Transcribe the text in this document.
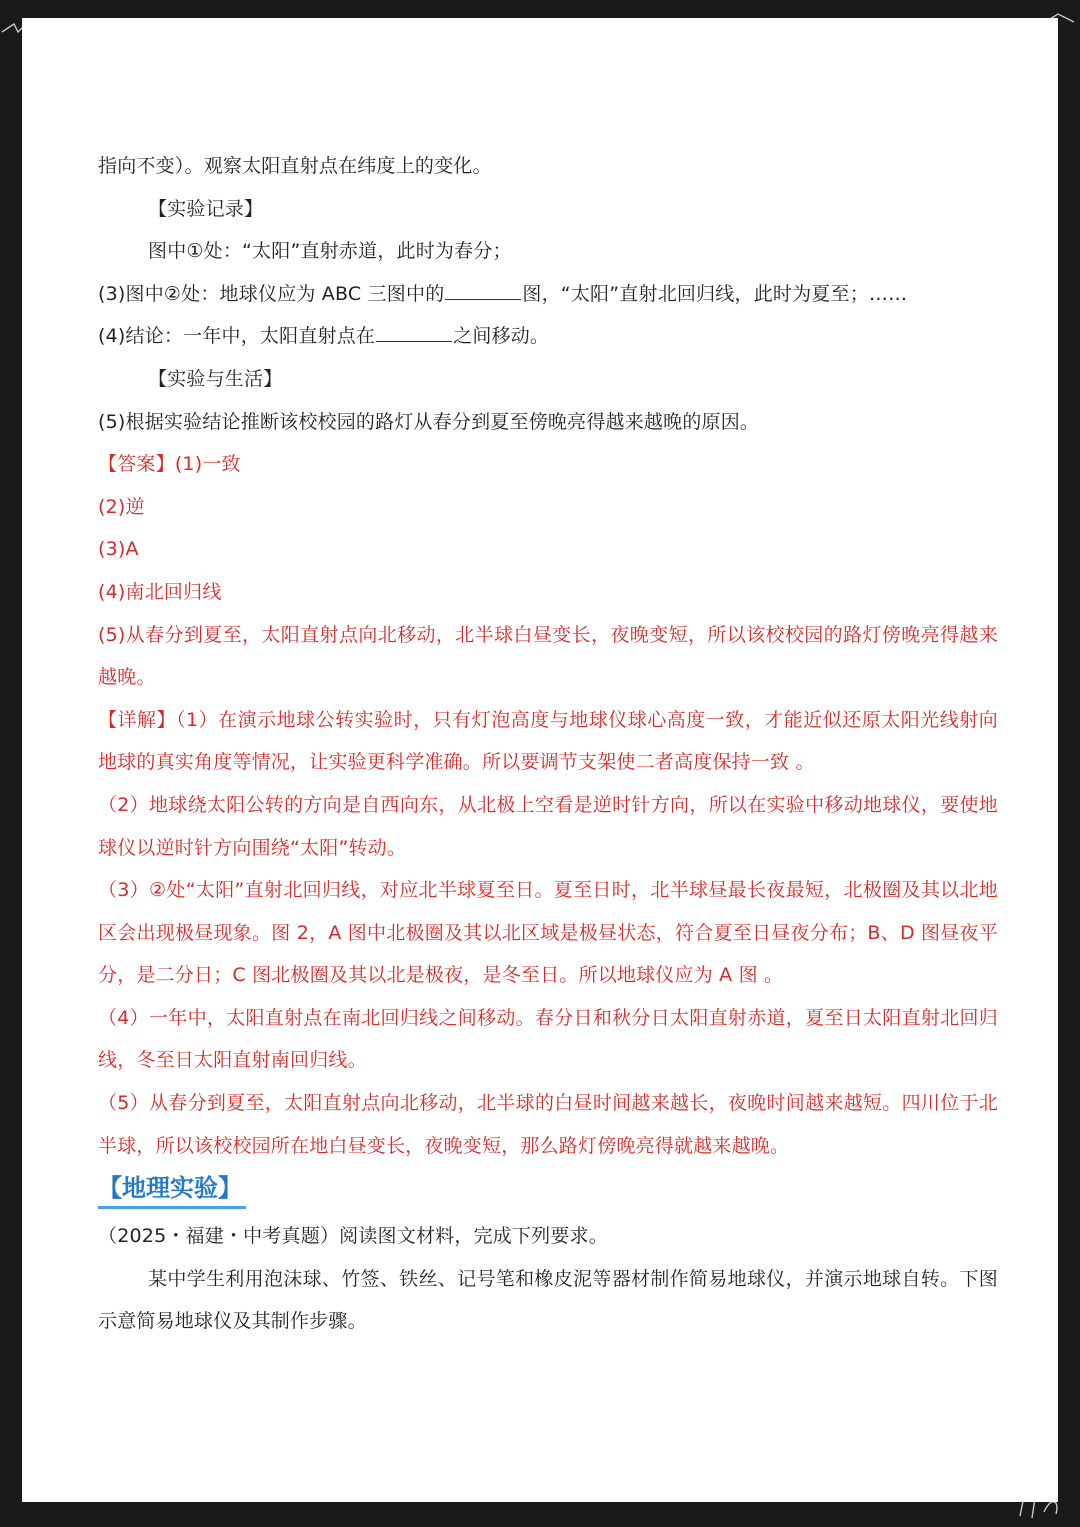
指向不变）。观察太阳直射点在纬度上的变化。
【实验记录】
图中①处：“太阳”直射赤道，此时为春分；
(3)图中②处：地球仪应为 ABC 三图中的	图，“太阳”直射北回归线，此时为夏至；……
(4)结论：一年中，太阳直射点在	之间移动。
【实验与生活】
(5)根据实验结论推断该校校园的路灯从春分到夏至傍晚亮得越来越晚的原因。
【答案】(1)一致
(2)逆
(3)A
(4)南北回归线
(5)从春分到夏至，太阳直射点向北移动，北半球白昼变长，夜晚变短，所以该校校园的路灯傍晚亮得越来越晚。
【详解】（1）在演示地球公转实验时，只有灯泡高度与地球仪球心高度一致，才能近似还原太阳光线射向地球的真实角度等情况，让实验更科学准确。所以要调节支架使二者高度保持一致 。
（2）地球绕太阳公转的方向是自西向东，从北极上空看是逆时针方向，所以在实验中移动地球仪，要使地球仪以逆时针方向围绕“太阳”转动。
（3）②处“太阳”直射北回归线，对应北半球夏至日。夏至日时，北半球昼最长夜最短，北极圈及其以北地区会出现极昼现象。图 2，A 图中北极圈及其以北区域是极昼状态，符合夏至日昼夜分布；B、D 图昼夜平分，是二分日；C 图北极圈及其以北是极夜，是冬至日。所以地球仪应为 A 图 。
（4）一年中，太阳直射点在南北回归线之间移动。春分日和秋分日太阳直射赤道，夏至日太阳直射北回归线，冬至日太阳直射南回归线。
（5）从春分到夏至，太阳直射点向北移动，北半球的白昼时间越来越长，夜晚时间越来越短。四川位于北半球，所以该校校园所在地白昼变长，夜晚变短，那么路灯傍晚亮得就越来越晚。
【地理实验】
（2025・福建・中考真题）阅读图文材料，完成下列要求。
某中学生利用泡沫球、竹签、铁丝、记号笔和橡皮泥等器材制作简易地球仪，并演示地球自转。下图示意简易地球仪及其制作步骤。
